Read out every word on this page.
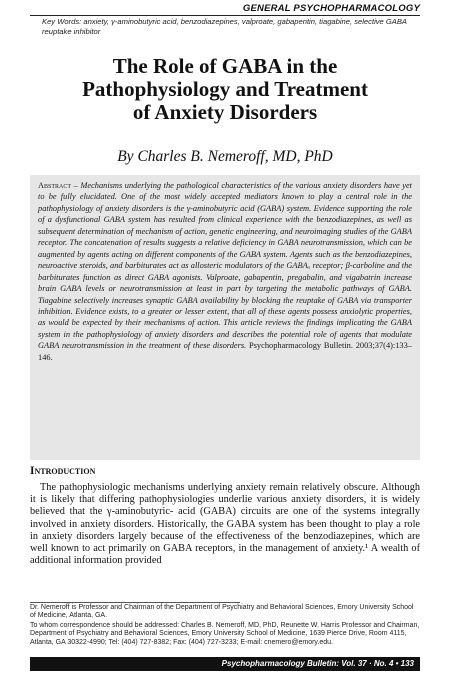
GENERAL PSYCHOPHARMACOLOGY
Key Words: anxiety, γ-aminobutyric acid, benzodiazepines, valproate, gabapentin, tiagabine, selective GABA reuptake inhibitor
The Role of GABA in the
Pathophysiology and Treatment
of Anxiety Disorders
By Charles B. Nemeroff, MD, PhD

Abstract – Mechanisms underlying the pathological characteristics of the various anxiety disorders have yet to be fully elucidated. One of the most widely accepted mediators known to play a central role in the pathophysiology of anxiety disorders is the γ-aminobutyric acid (GABA) system. Evidence supporting the role of a dysfunctional GABA system has resulted from clinical experience with the benzodiazepines, as well as subsequent determination of mechanism of action, genetic engineering, and neuroimaging studies of the GABA receptor. The concatenation of results suggests a relative deficiency in GABA neurotransmission, which can be augmented by agents acting on different components of the GABA system. Agents such as the benzodiazepines, neuroactive steroids, and barbiturates act as allosteric modulators of the GABAₐ receptor; β-carboline and the barbiturates function as direct GABA agonists. Valproate, gabapentin, pregabalin, and vigabatrin increase brain GABA levels or neurotransmission at least in part by targeting the metabolic pathways of GABA. Tiagabine selectively increases synaptic GABA availability by blocking the reuptake of GABA via transporter inhibition. Evidence exists, to a greater or lesser extent, that all of these agents possess anxiolytic properties, as would be expected by their mechanisms of action. This article reviews the findings implicating the GABA system in the pathophysiology of anxiety disorders and describes the potential role of agents that modulate GABA neurotransmission in the treatment of these disorders. Psychopharmacology Bulletin. 2003;37(4):133–146.

Introduction

The pathophysiologic mechanisms underlying anxiety remain relatively obscure. Although it is likely that differing pathophysiologies underlie various anxiety disorders, it is widely believed that the γ-aminobutyric- acid (GABA) circuits are one of the systems integrally involved in anxiety disorders. Historically, the GABA system has been thought to play a role in anxiety disorders largely because of the effectiveness of the benzodiazepines, which are well known to act primarily on GABA receptors, in the management of anxiety.¹ A wealth of additional information provided

Dr. Nemeroff is Professor and Chairman of the Department of Psychiatry and Behavioral Sciences, Emory University School of Medicine, Atlanta, GA.

To whom correspondence should be addressed: Charles B. Nemeroff, MD, PhD, Reunette W. Harris Professor and Chairman, Department of Psychiatry and Behavioral Sciences, Emory University School of Medicine, 1639 Pierce Drive, Room 4115, Atlanta, GA 30322-4990; Tel: (404) 727-8382; Fax: (404) 727-3233; E-mail: cnemero@emory.edu.

Psychopharmacology Bulletin: Vol. 37 · No. 4 • 133
